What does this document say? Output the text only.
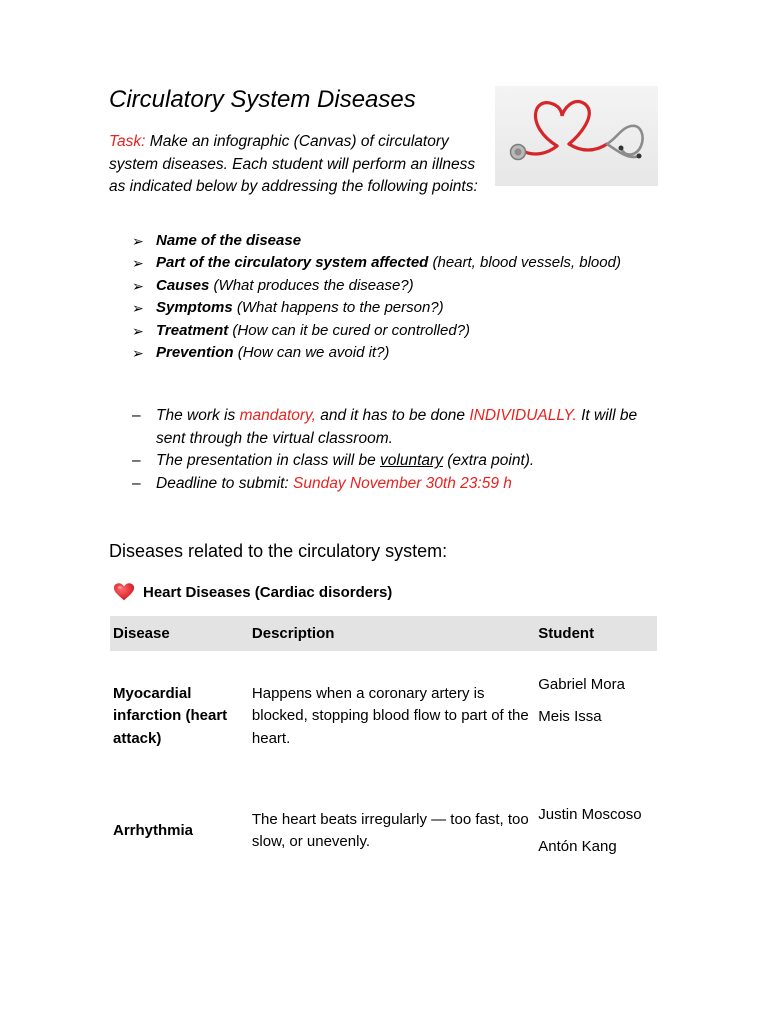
Circulatory System Diseases

Task: Make an infographic (Canvas) of circulatory system diseases. Each student will perform an illness as indicated below by addressing the following points:

➢ Name of the disease
➢ Part of the circulatory system affected (heart, blood vessels, blood)
➢ Causes (What produces the disease?)
➢ Symptoms (What happens to the person?)
➢ Treatment (How can it be cured or controlled?)
➢ Prevention (How can we avoid it?)
– The work is mandatory, and it has to be done INDIVIDUALLY. It will be sent through the virtual classroom.
– The presentation in class will be voluntary (extra point).
– Deadline to submit: Sunday November 30th 23:59 h
Diseases related to the circulatory system:
Heart Diseases (Cardiac disorders)
Disease	Description	Student
Myocardial infarction (heart attack)	Happens when a coronary artery is blocked, stopping blood flow to part of the heart.	Gabriel Mora
Meis Issa

Arrhythmia	The heart beats irregularly — too fast, too slow, or unevenly.	Justin Moscoso
Antón Kang
